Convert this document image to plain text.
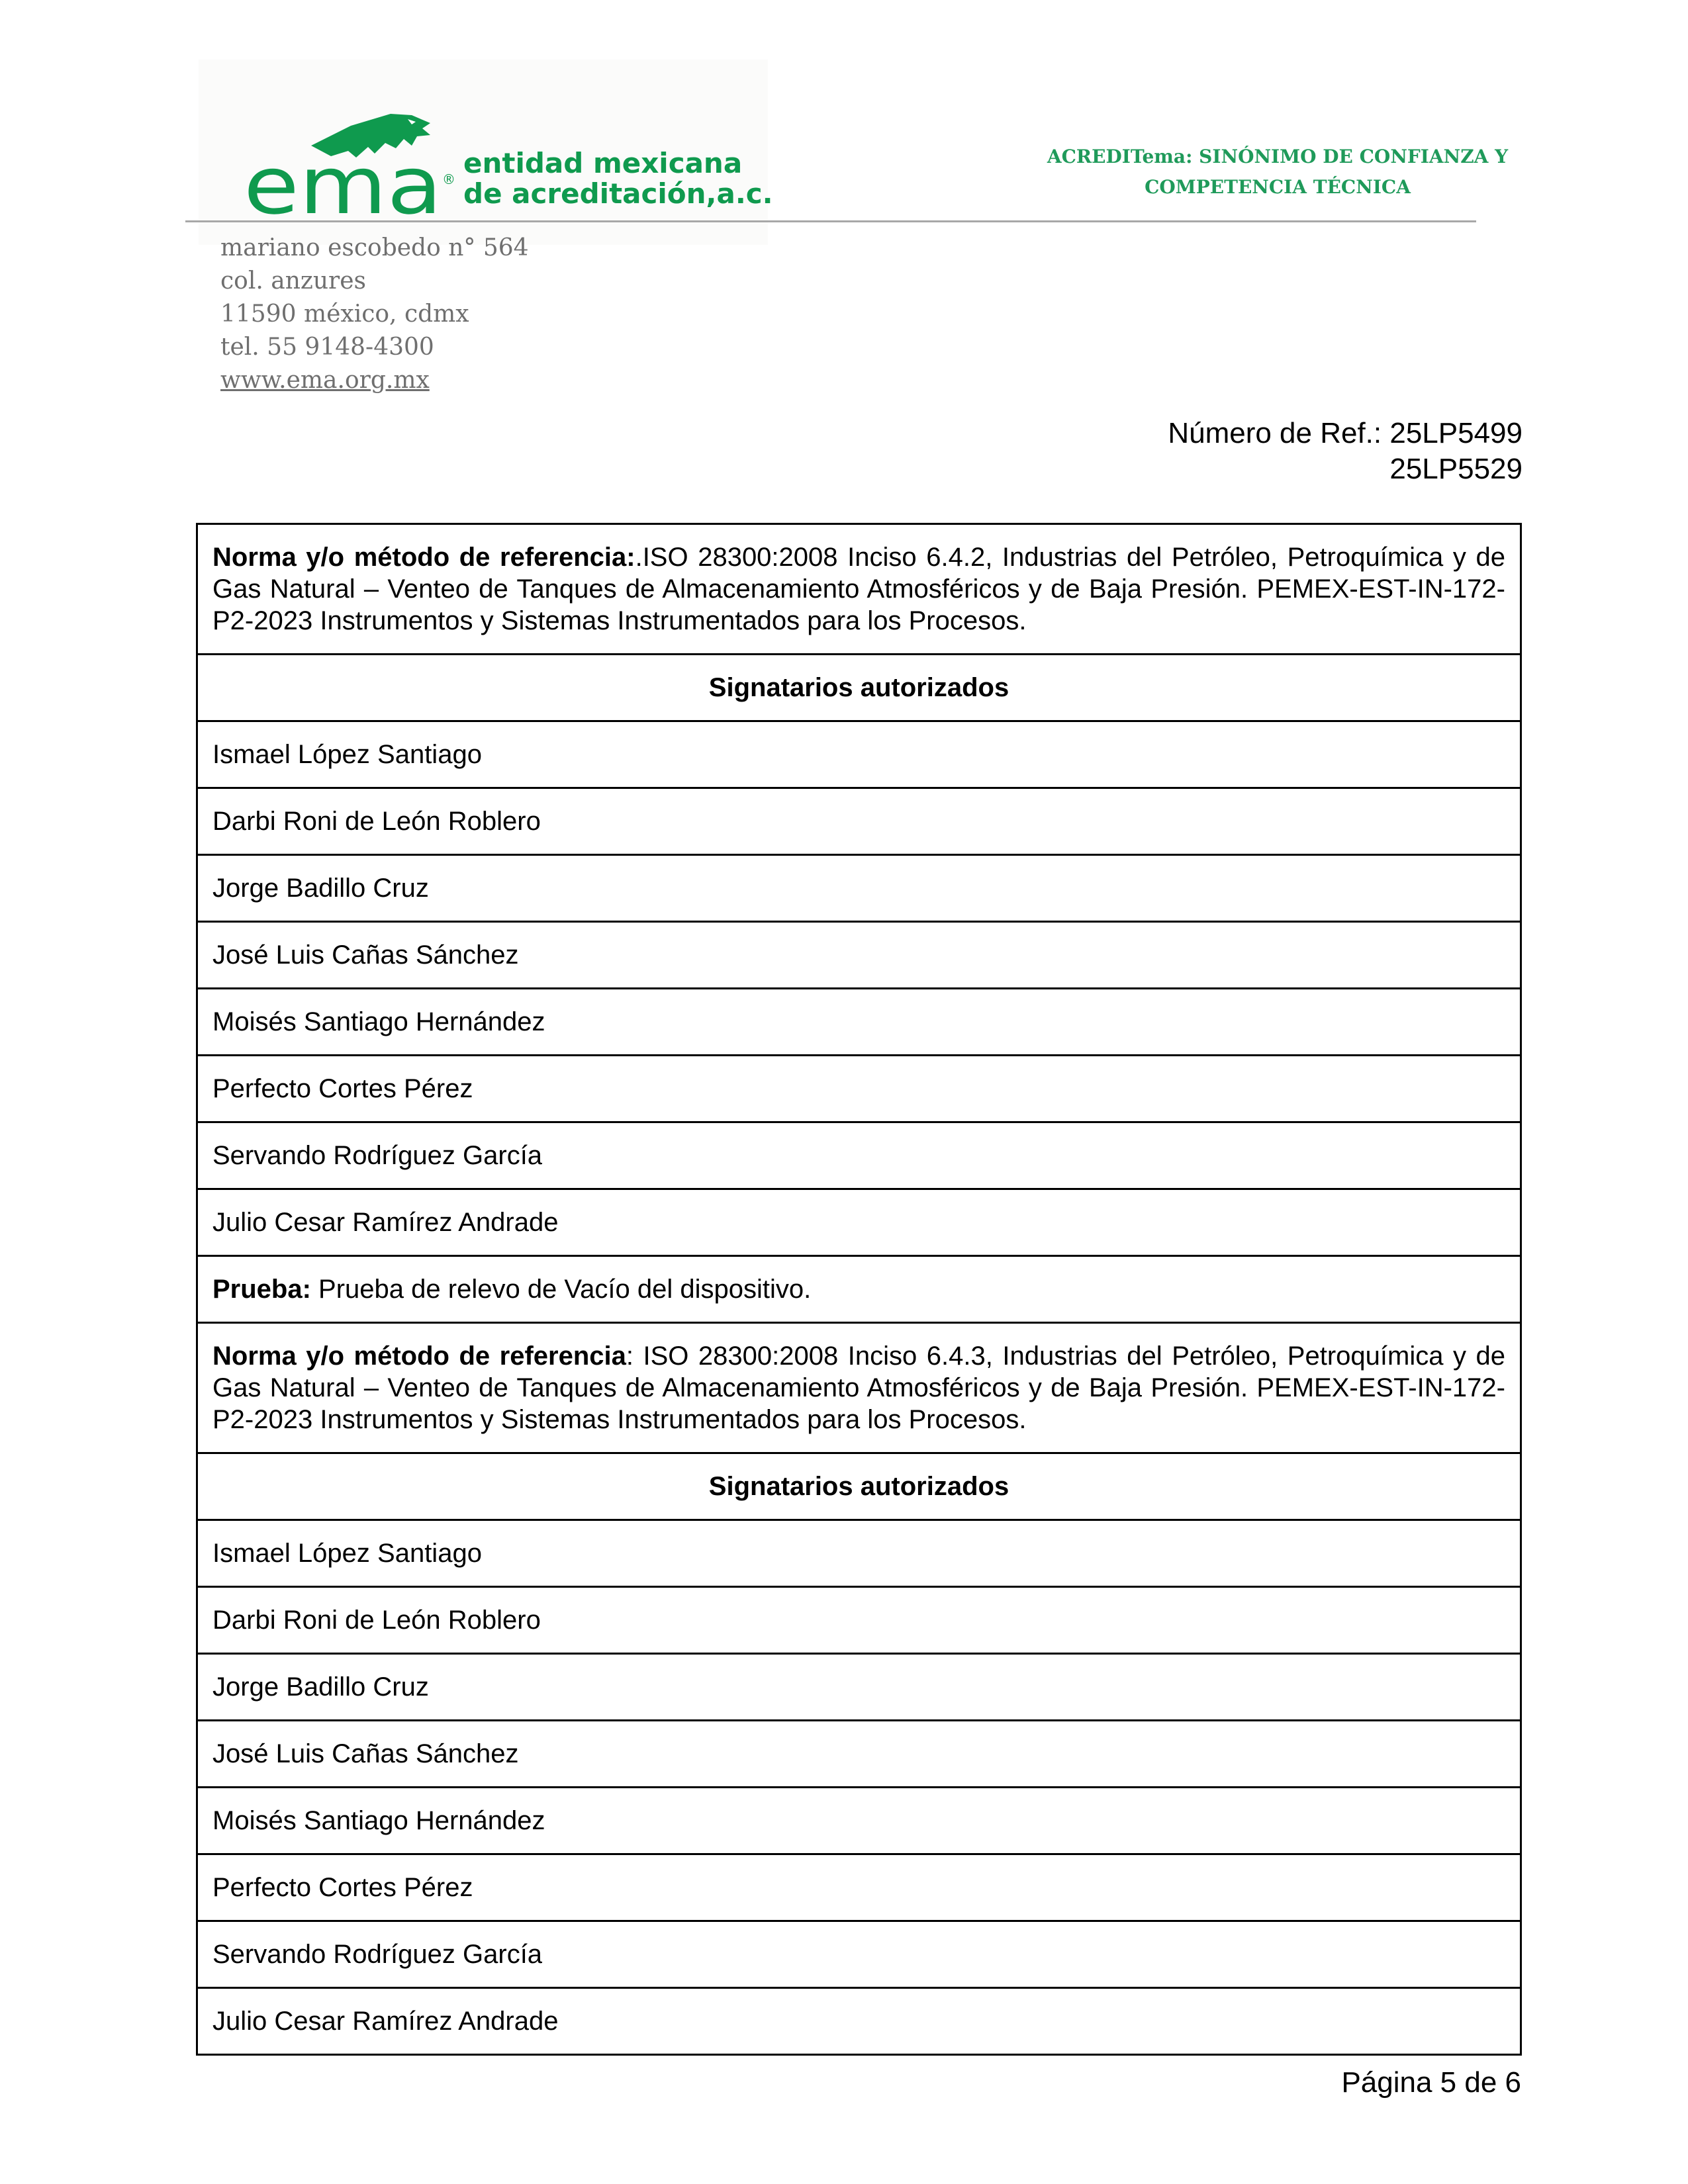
ema ® entidad mexicana
de acreditación,a.c.
ACREDITema: SINÓNIMO DE CONFIANZA Y
COMPETENCIA TÉCNICA
mariano escobedo n° 564
col. anzures
11590 méxico, cdmx
tel. 55 9148-4300
www.ema.org.mx
Número de Ref.: 25LP5499
25LP5529
Norma y/o método de referencia:.ISO 28300:2008 Inciso 6.4.2, Industrias del Petróleo, Petroquímica y de Gas Natural – Venteo de Tanques de Almacenamiento Atmosféricos y de Baja Presión. PEMEX-EST-IN-172-P2-2023 Instrumentos y Sistemas Instrumentados para los Procesos.
Signatarios autorizados
Ismael López Santiago
Darbi Roni de León Roblero
Jorge Badillo Cruz
José Luis Cañas Sánchez
Moisés Santiago Hernández
Perfecto Cortes Pérez
Servando Rodríguez García
Julio Cesar Ramírez Andrade
Prueba: Prueba de relevo de Vacío del dispositivo.
Norma y/o método de referencia: ISO 28300:2008 Inciso 6.4.3, Industrias del Petróleo, Petroquímica y de Gas Natural – Venteo de Tanques de Almacenamiento Atmosféricos y de Baja Presión. PEMEX-EST-IN-172-P2-2023 Instrumentos y Sistemas Instrumentados para los Procesos.
Signatarios autorizados
Ismael López Santiago
Darbi Roni de León Roblero
Jorge Badillo Cruz
José Luis Cañas Sánchez
Moisés Santiago Hernández
Perfecto Cortes Pérez
Servando Rodríguez García
Julio Cesar Ramírez Andrade
Página 5 de 6
